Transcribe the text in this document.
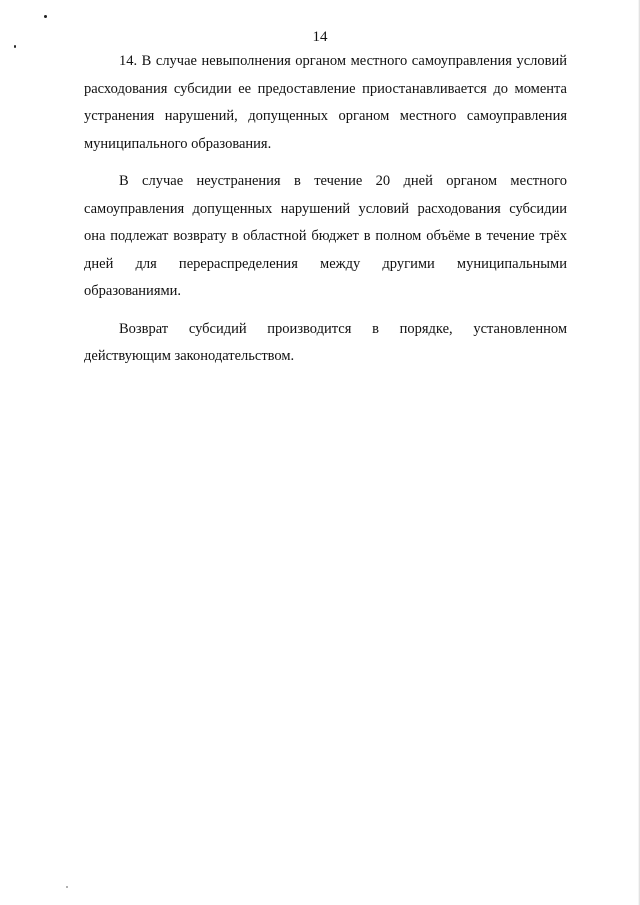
14

14. В случае невыполнения органом местного самоуправления условий расходования субсидии ее предоставление приостанавливается до момента устранения нарушений, допущенных органом местного самоуправления муниципального образования.

В случае неустранения в течение 20 дней органом местного самоуправления допущенных нарушений условий расходования субсидии она подлежат возврату в областной бюджет в полном объёме в течение трёх дней для перераспределения между другими муниципальными образованиями.

Возврат субсидий производится в порядке, установленном действующим законодательством.
